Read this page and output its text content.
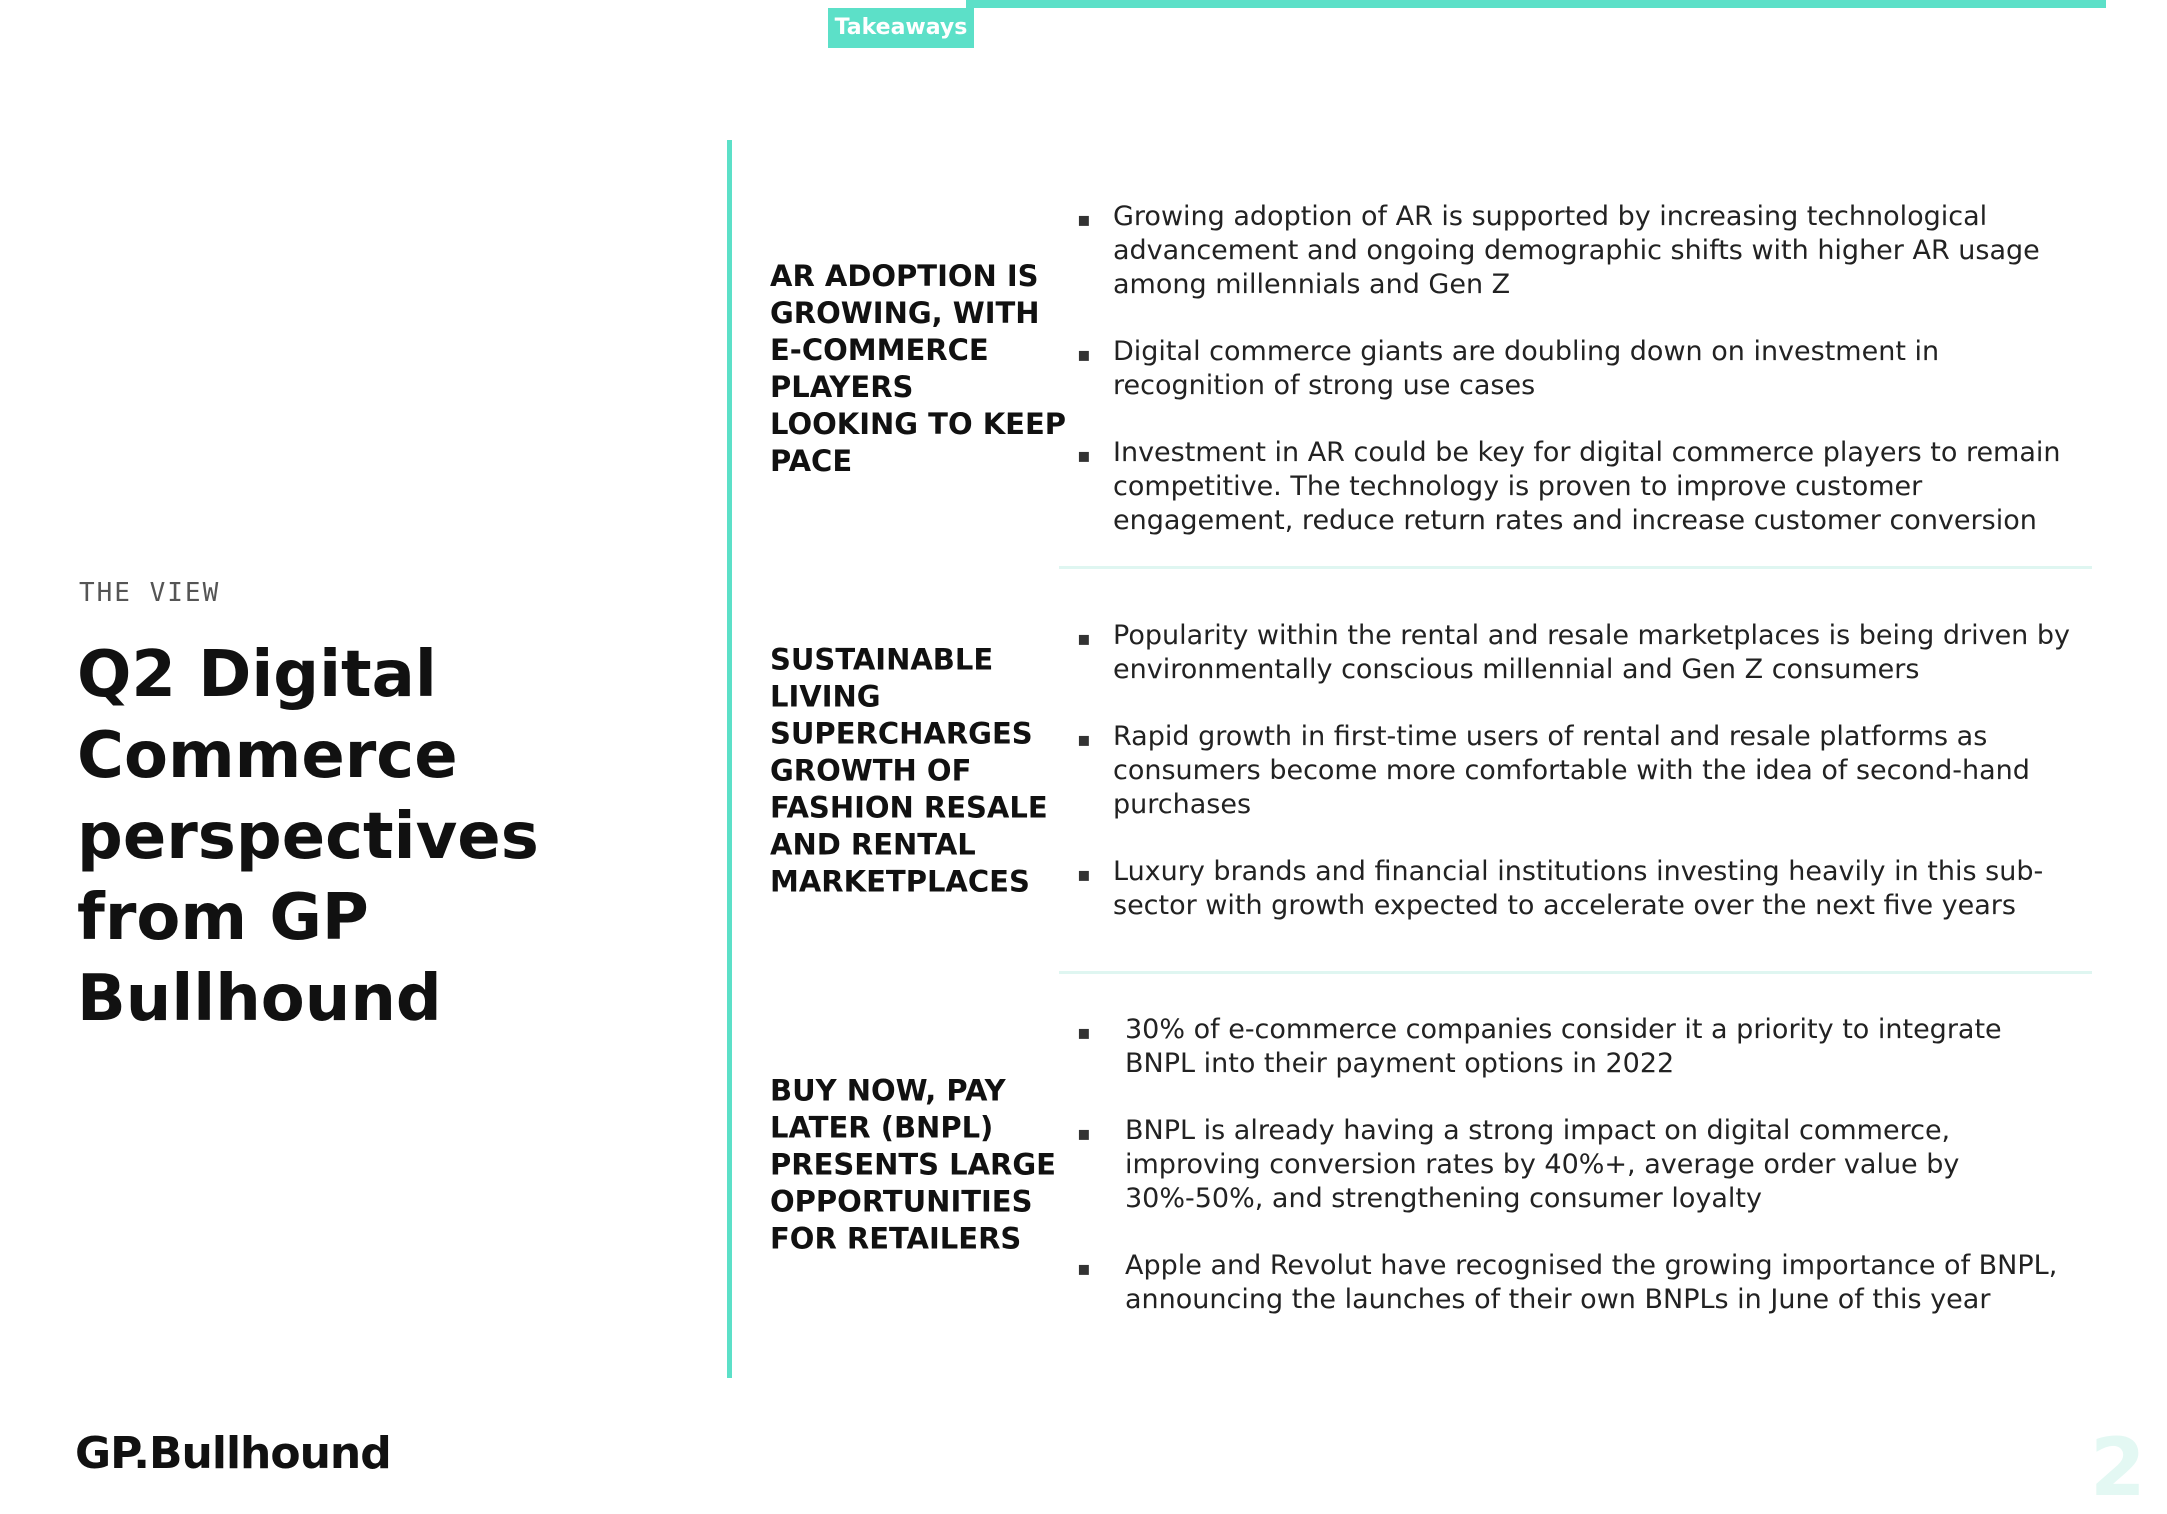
Takeaways
THE VIEW
Q2 Digital Commerce perspectives from GP Bullhound
AR ADOPTION IS GROWING, WITH E-COMMERCE PLAYERS LOOKING TO KEEP PACE
▪ Growing adoption of AR is supported by increasing technological advancement and ongoing demographic shifts with higher AR usage among millennials and Gen Z
▪ Digital commerce giants are doubling down on investment in recognition of strong use cases
▪ Investment in AR could be key for digital commerce players to remain competitive. The technology is proven to improve customer engagement, reduce return rates and increase customer conversion
SUSTAINABLE LIVING SUPERCHARGES GROWTH OF FASHION RESALE AND RENTAL MARKETPLACES
▪ Popularity within the rental and resale marketplaces is being driven by environmentally conscious millennial and Gen Z consumers
▪ Rapid growth in first-time users of rental and resale platforms as consumers become more comfortable with the idea of second-hand purchases
▪ Luxury brands and financial institutions investing heavily in this sub-sector with growth expected to accelerate over the next five years
BUY NOW, PAY LATER (BNPL) PRESENTS LARGE OPPORTUNITIES FOR RETAILERS
▪ 30% of e-commerce companies consider it a priority to integrate BNPL into their payment options in 2022
▪ BNPL is already having a strong impact on digital commerce, improving conversion rates by 40%+, average order value by 30%-50%, and strengthening consumer loyalty
▪ Apple and Revolut have recognised the growing importance of BNPL, announcing the launches of their own BNPLs in June of this year
GP.Bullhound	2
